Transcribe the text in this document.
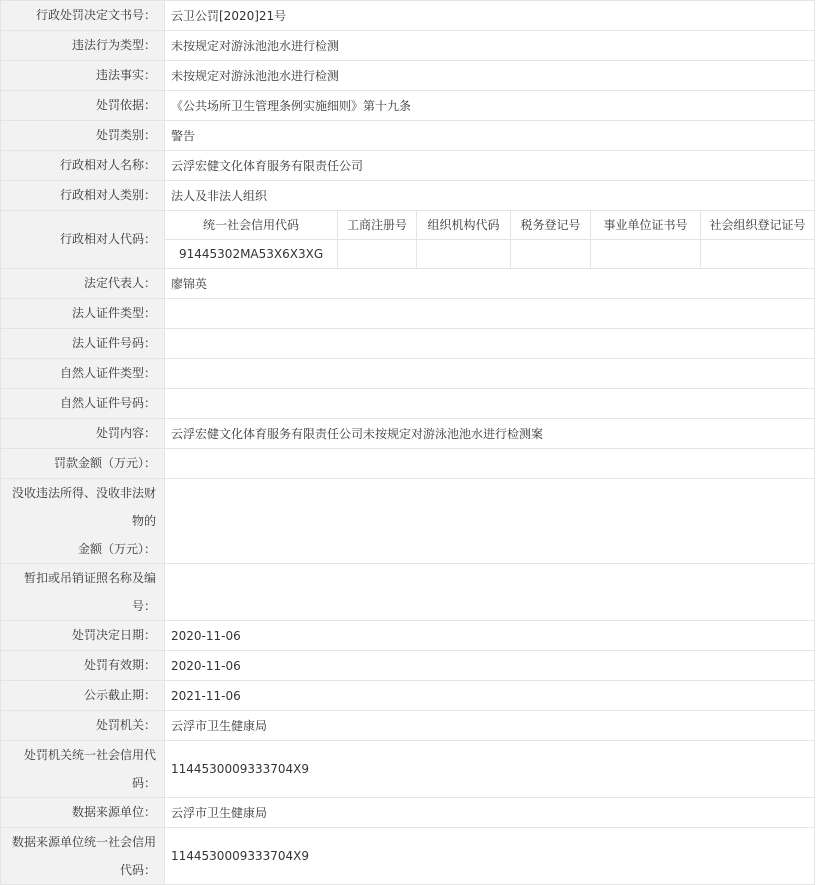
行政处罚决定文书号：	云卫公罚[2020]21号
违法行为类型：	未按规定对游泳池池水进行检测
违法事实：	未按规定对游泳池池水进行检测
处罚依据：	《公共场所卫生管理条例实施细则》第十九条
处罚类别：	警告
行政相对人名称：	云浮宏健文化体育服务有限责任公司
行政相对人类别：	法人及非法人组织
行政相对人代码：	
统一社会信用代码	工商注册号	组织机构代码	税务登记号	事业单位证书号	社会组织登记证号
91445302MA53X6X3XG					

法定代表人：	廖锦英
法人证件类型：	
法人证件号码：	
自然人证件类型：	
自然人证件号码：	
处罚内容：	云浮宏健文化体育服务有限责任公司未按规定对游泳池池水进行检测案
罚款金额（万元）：	

没收违法所得、没收非法财
物的
金额（万元）：

暂扣或吊销证照名称及编
号：

处罚决定日期：	2020-11-06
处罚有效期：	2020-11-06
公示截止期：	2021-11-06
处罚机关：	云浮市卫生健康局

处罚机关统一社会信用代
码：
	1144530009333704X9
数据来源单位：	云浮市卫生健康局

数据来源单位统一社会信用
代码：
	1144530009333704X9
